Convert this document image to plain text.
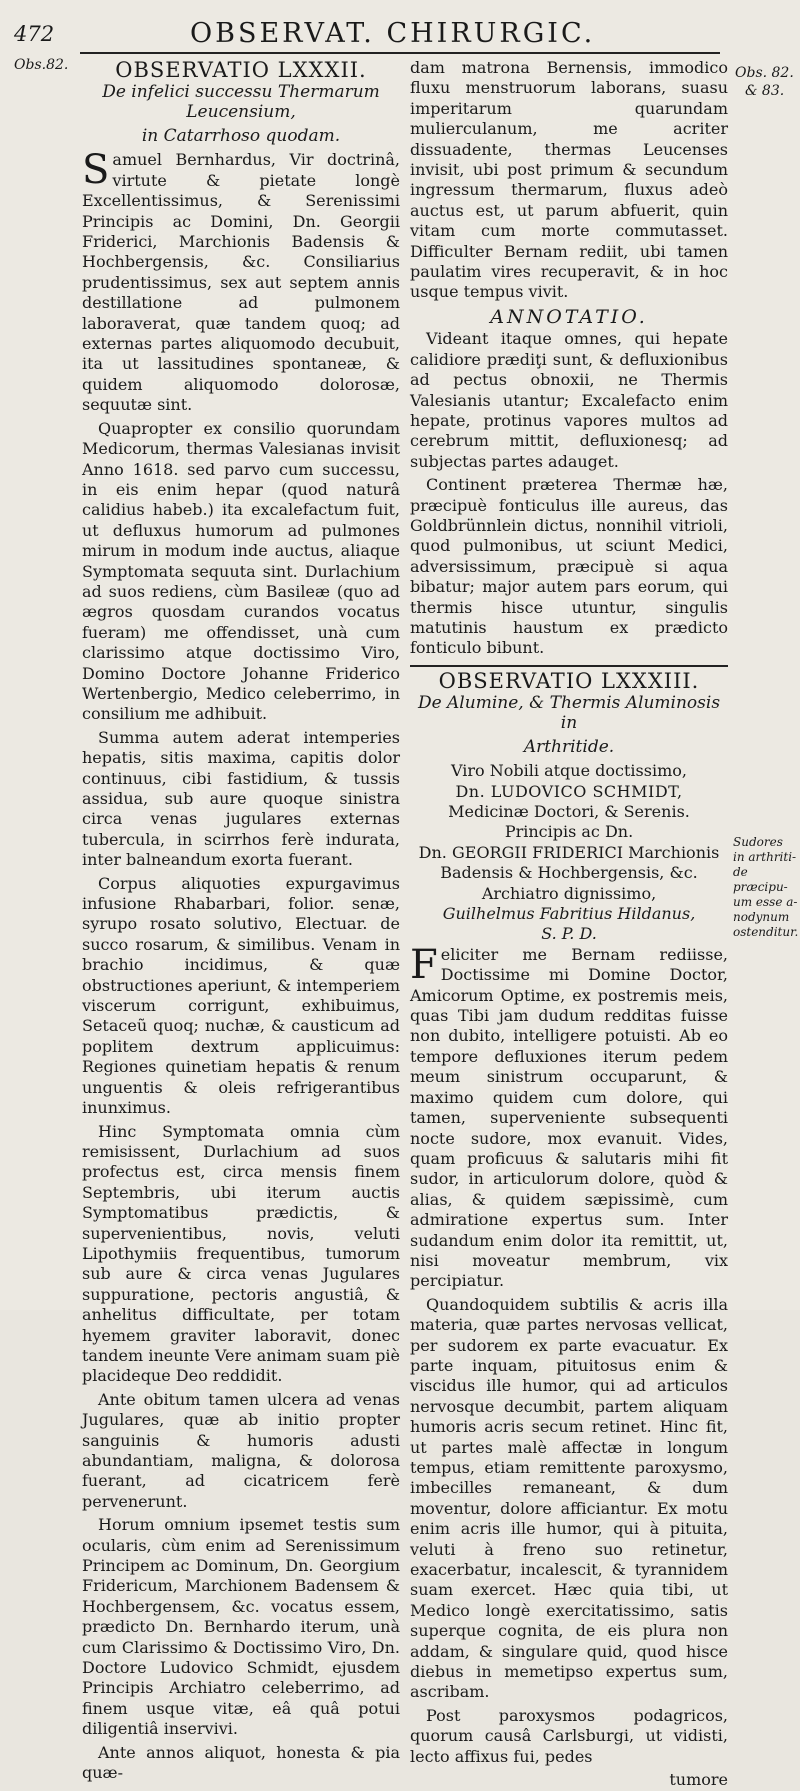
472	OBSERVAT. CHIRURGIC.
Obs.82.	Obs. 82.
& 83.
Sudores
in arthriti-
de præcipu-
um esse a-
nodynum
ostenditur.
OBSERVATIO LXXXII.
De infelici successu Thermarum Leucensium,
in Catarrhoso quodam.

Samuel Bernhardus, Vir doctrinâ, virtute & pietate longè Excellentissimus, & Serenissimi Principis ac Domini, Dn. Georgii Friderici, Marchionis Badensis & Hochbergensis, &c. Consiliarius prudentissimus, sex aut septem annis destillatione ad pulmonem laboraverat, quæ tandem quoq; ad externas partes aliquomodo decubuit, ita ut lassitudines spontaneæ, & quidem aliquomodo dolorosæ, sequutæ sint.

Quapropter ex consilio quorundam Medicorum, thermas Valesianas invisit Anno 1618. sed parvo cum successu, in eis enim hepar (quod naturâ calidius habeb.) ita excalefactum fuit, ut defluxus humorum ad pulmones mirum in modum inde auctus, aliaque Symptomata sequuta sint. Durlachium ad suos rediens, cùm Basileæ (quo ad ægros quosdam curandos vocatus fueram) me offendisset, unà cum clarissimo atque doctissimo Viro, Domino Doctore Johanne Friderico Wertenbergio, Medico celeberrimo, in consilium me adhibuit.

Summa autem aderat intemperies hepatis, sitis maxima, capitis dolor continuus, cibi fastidium, & tussis assidua, sub aure quoque sinistra circa venas jugulares externas tubercula, in scirrhos ferè indurata, inter balneandum exorta fuerant.

Corpus aliquoties expurgavimus infusione Rhabarbari, folior. senæ, syrupo rosato solutivo, Electuar. de succo rosarum, & similibus. Venam in brachio incidimus, & quæ obstructiones aperiunt, & intemperiem viscerum corrigunt, exhibuimus, Setaceũ quoq; nuchæ, & causticum ad poplitem dextrum applicuimus: Regiones quinetiam hepatis & renum unguentis & oleis refrigerantibus inunximus.

Hinc Symptomata omnia cùm remisissent, Durlachium ad suos profectus est, circa mensis finem Septembris, ubi iterum auctis Symptomatibus prædictis, & supervenientibus, novis, veluti Lipothymiis frequentibus, tumorum sub aure & circa venas Jugulares suppuratione, pectoris angustiâ, & anhelitus difficultate, per totam hyemem graviter laboravit, donec tandem ineunte Vere animam suam piè placideque Deo reddidit.

Ante obitum tamen ulcera ad venas Jugulares, quæ ab initio propter sanguinis & humoris adusti abundantiam, maligna, & dolorosa fuerant, ad cicatricem ferè pervenerunt.

Horum omnium ipsemet testis sum ocularis, cùm enim ad Serenissimum Principem ac Dominum, Dn. Georgium Fridericum, Marchionem Badensem & Hochbergensem, &c. vocatus essem, prædicto Dn. Bernhardo iterum, unà cum Clarissimo & Doctissimo Viro, Dn. Doctore Ludovico Schmidt, ejusdem Principis Archiatro celeberrimo, ad finem usque vitæ, eâ quâ potui diligentiâ inservivi.

Ante annos aliquot, honesta & pia quæ-

dam matrona Bernensis, immodico fluxu menstruorum laborans, suasu imperitarum quarundam mulierculanum, me acriter dissuadente, thermas Leucenses invisit, ubi post primum & secundum ingressum thermarum, fluxus adeò auctus est, ut parum abfuerit, quin vitam cum morte commutasset. Difficulter Bernam rediit, ubi tamen paulatim vires recuperavit, & in hoc usque tempus vivit.

ANNOTATIO.

Videant itaque omnes, qui hepate calidiore prædiţi sunt, & defluxionibus ad pectus obnoxii, ne Thermis Valesianis utantur; Excalefacto enim hepate, protinus vapores multos ad cerebrum mittit, defluxionesq; ad subjectas partes adauget.

Continent præterea Thermæ hæ, præcipuè fonticulus ille aureus, das Goldbrünnlein dictus, nonnihil vitrioli, quod pulmonibus, ut sciunt Medici, adversissimum, præcipuè si aqua bibatur; major autem pars eorum, qui thermis hisce utuntur, singulis matutinis haustum ex prædicto fonticulo bibunt.

OBSERVATIO LXXXIII.
De Alumine, & Thermis Aluminosis in
Arthritide.

Viro Nobili atque doctissimo,

Dn. LUDOVICO SCHMIDT,

Medicinæ Doctori, & Serenis. Principis ac Dn.

Dn. GEORGII FRIDERICI Marchionis Badensis & Hochbergensis, &c. Archiatro dignissimo,

Guilhelmus Fabritius Hildanus,

S. P. D.

Feliciter me Bernam rediisse, Doctissime mi Domine Doctor, Amicorum Optime, ex postremis meis, quas Tibi jam dudum redditas fuisse non dubito, intelligere potuisti. Ab eo tempore defluxiones iterum pedem meum sinistrum occuparunt, & maximo quidem cum dolore, qui tamen, superveniente subsequenti nocte sudore, mox evanuit. Vides, quam proficuus & salutaris mihi fit sudor, in articulorum dolore, quòd & alias, & quidem sæpissimè, cum admiratione expertus sum. Inter sudandum enim dolor ita remittit, ut, nisi moveatur membrum, vix percipiatur.

Quandoquidem subtilis & acris illa materia, quæ partes nervosas vellicat, per sudorem ex parte evacuatur. Ex parte inquam, pituitosus enim & viscidus ille humor, qui ad articulos nervosque decumbit, partem aliquam humoris acris secum retinet. Hinc fit, ut partes malè affectæ in longum tempus, etiam remittente paroxysmo, imbecilles remaneant, & dum moventur, dolore afficiantur. Ex motu enim acris ille humor, qui à pituita, veluti à freno suo retinetur, exacerbatur, incalescit, & tyrannidem suam exercet. Hæc quia tibi, ut Medico longè exercitatissimo, satis superque cognita, de eis plura non addam, & singulare quid, quod hisce diebus in memetipso expertus sum, ascribam.

Post paroxysmos podagricos, quorum causâ Carlsburgi, ut vidisti, lecto affixus fui, pedes

tumore
